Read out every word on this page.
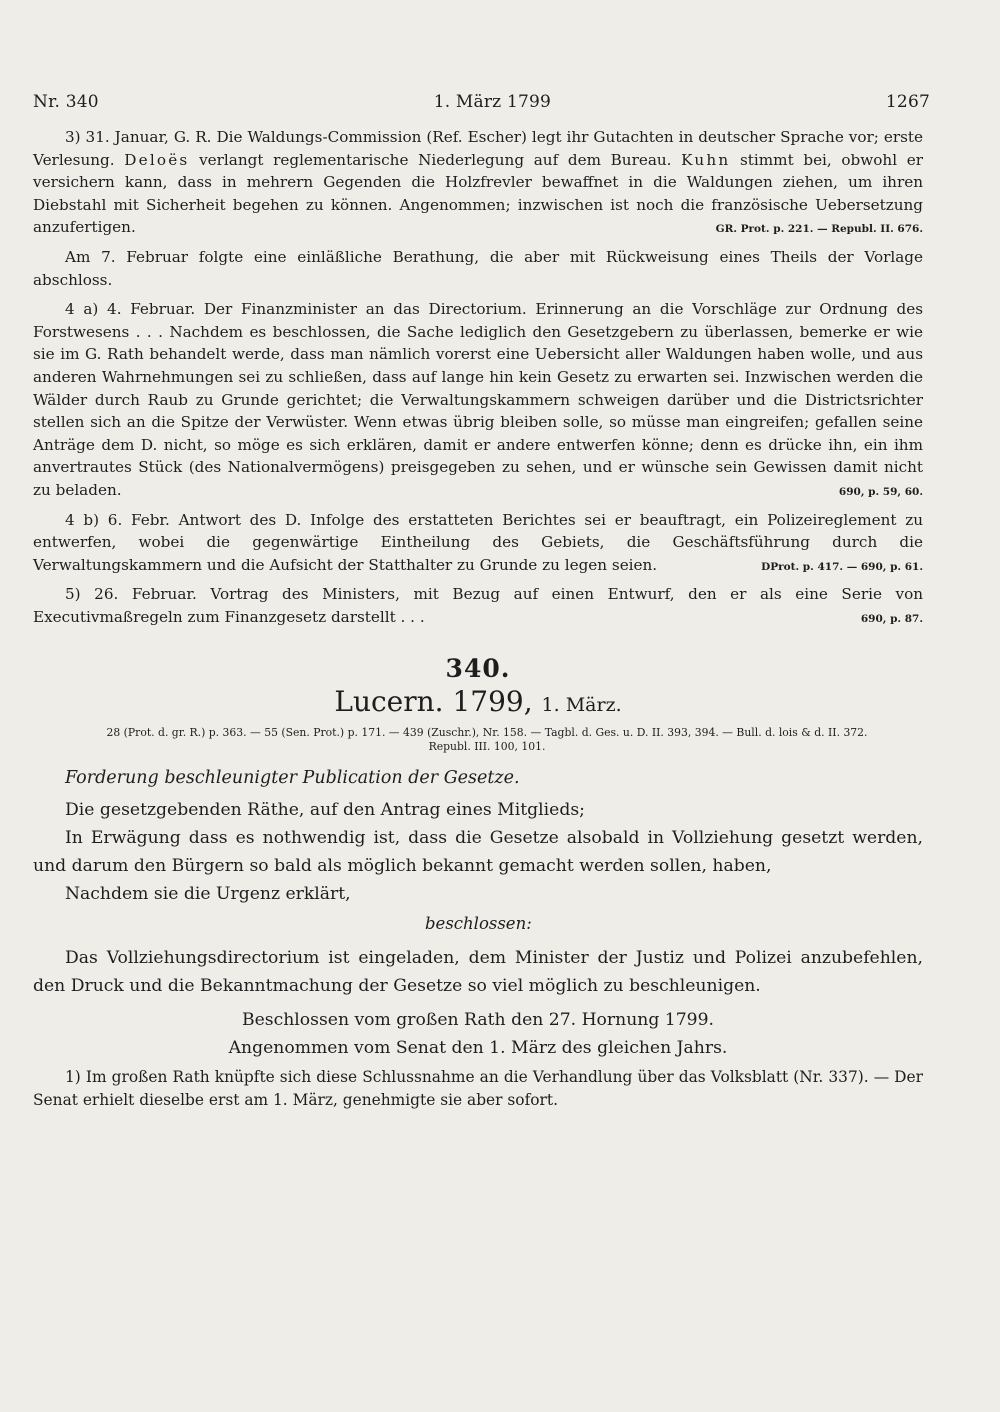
Nr. 340	1. März 1799	1267

3) 31. Januar, G. R. Die Waldungs-Commission (Ref. Escher) legt ihr Gutachten in deutscher Sprache vor; erste Verlesung. Deloës verlangt reglementarische Niederlegung auf dem Bureau. Kuhn stimmt bei, obwohl er versichern kann, dass in mehrern Gegenden die Holzfrevler bewaffnet in die Waldungen ziehen, um ihren Diebstahl mit Sicherheit begehen zu können. Angenommen; inzwischen ist noch die französische Uebersetzung anzufertigen.	GR. Prot. p. 221. — Republ. II. 676.

Am 7. Februar folgte eine einläßliche Berathung, die aber mit Rückweisung eines Theils der Vorlage abschloss.

4 a) 4. Februar. Der Finanzminister an das Directorium. Erinnerung an die Vorschläge zur Ordnung des Forstwesens . . . Nachdem es beschlossen, die Sache lediglich den Gesetzgebern zu überlassen, bemerke er wie sie im G. Rath behandelt werde, dass man nämlich vorerst eine Uebersicht aller Waldungen haben wolle, und aus anderen Wahrnehmungen sei zu schließen, dass auf lange hin kein Gesetz zu erwarten sei. Inzwischen werden die Wälder durch Raub zu Grunde gerichtet; die Verwaltungskammern schweigen darüber und die Districtsrichter stellen sich an die Spitze der Verwüster. Wenn etwas übrig bleiben solle, so müsse man eingreifen; gefallen seine Anträge dem D. nicht, so möge es sich erklären, damit er andere entwerfen könne; denn es drücke ihn, ein ihm anvertrautes Stück (des Nationalvermögens) preisgegeben zu sehen, und er wünsche sein Gewissen damit nicht zu beladen.	690, p. 59, 60.

4 b) 6. Febr. Antwort des D. Infolge des erstatteten Berichtes sei er beauftragt, ein Polizeireglement zu entwerfen, wobei die gegenwärtige Eintheilung des Gebiets, die Geschäftsführung durch die Verwaltungskammern und die Aufsicht der Statthalter zu Grunde zu legen seien.	DProt. p. 417. — 690, p. 61.

5) 26. Februar. Vortrag des Ministers, mit Bezug auf einen Entwurf, den er als eine Serie von Executivmaßregeln zum Finanzgesetz darstellt . . .	690, p. 87.

340.
Lucern. 1799, 1. März.
28 (Prot. d. gr. R.) p. 363. — 55 (Sen. Prot.) p. 171. — 439 (Zuschr.), Nr. 158. — Tagbl. d. Ges. u. D. II. 393, 394. — Bull. d. lois & d. II. 372.
Republ. III. 100, 101.
Forderung beschleunigter Publication der Gesetze.
Die gesetzgebenden Räthe, auf den Antrag eines Mitglieds;
In Erwägung dass es nothwendig ist, dass die Gesetze alsobald in Vollziehung gesetzt werden, und darum den Bürgern so bald als möglich bekannt gemacht werden sollen, haben,
Nachdem sie die Urgenz erklärt,
beschlossen:
Das Vollziehungsdirectorium ist eingeladen, dem Minister der Justiz und Polizei anzubefehlen, den Druck und die Bekanntmachung der Gesetze so viel möglich zu beschleunigen.
Beschlossen vom großen Rath den 27. Hornung 1799.
Angenommen vom Senat den 1. März des gleichen Jahrs.
1) Im großen Rath knüpfte sich diese Schlussnahme an die Verhandlung über das Volksblatt (Nr. 337). — Der Senat erhielt dieselbe erst am 1. März, genehmigte sie aber sofort.
